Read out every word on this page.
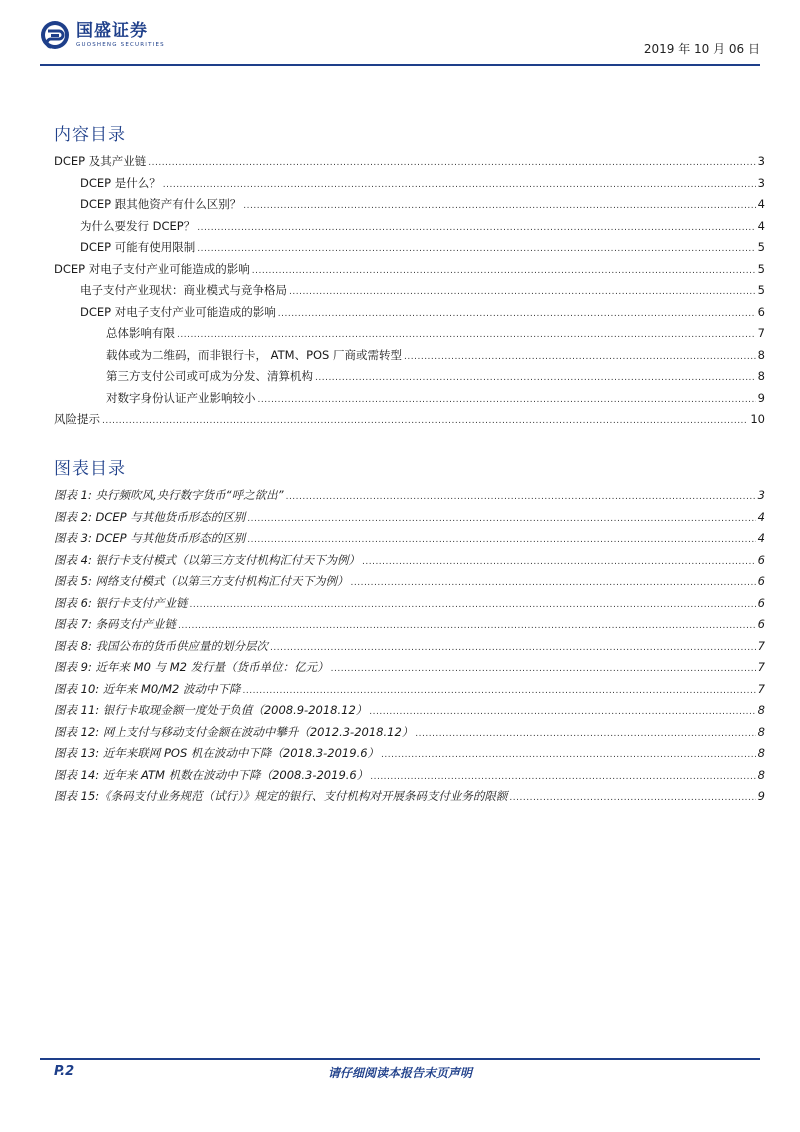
国盛证券
GUOSHENG SECURITIES	2019 年 10 月 06 日
内容目录
DCEP 及其产业链 .....	3
DCEP 是什么？ .....	3
DCEP 跟其他资产有什么区别？ .....	4
为什么要发行 DCEP？ .....	4
DCEP 可能有使用限制 .....	5
DCEP 对电子支付产业可能造成的影响 .....	5
电子支付产业现状：商业模式与竞争格局 .....	5
DCEP 对电子支付产业可能造成的影响 .....	6
总体影响有限 .....	7
载体或为二维码，而非银行卡， ATM、POS 厂商或需转型 .....	8
第三方支付公司或可成为分发、清算机构 .....	8
对数字身份认证产业影响较小 .....	9
风险提示 .....	10
图表目录
图表 1: 央行频吹风,央行数字货币“呼之欲出” .....	3
图表 2: DCEP 与其他货币形态的区别 .....	4
图表 3: DCEP 与其他货币形态的区别 .....	4
图表 4: 银行卡支付模式（以第三方支付机构汇付天下为例） .....	6
图表 5: 网络支付模式（以第三方支付机构汇付天下为例） .....	6
图表 6: 银行卡支付产业链 .....	6
图表 7: 条码支付产业链 .....	6
图表 8: 我国公布的货币供应量的划分层次 .....	7
图表 9: 近年来 M0 与 M2 发行量（货币单位：亿元） .....	7
图表 10: 近年来 M0/M2 波动中下降 .....	7
图表 11: 银行卡取现金额一度处于负值（2008.9-2018.12） .....	8
图表 12: 网上支付与移动支付金额在波动中攀升（2012.3-2018.12） .....	8
图表 13: 近年来联网 POS 机在波动中下降（2018.3-2019.6） .....	8
图表 14: 近年来 ATM 机数在波动中下降（2008.3-2019.6） .....	8
图表 15:《条码支付业务规范（试行）》规定的银行、支付机构对开展条码支付业务的限额 .....	9
P.2	请仔细阅读本报告末页声明
